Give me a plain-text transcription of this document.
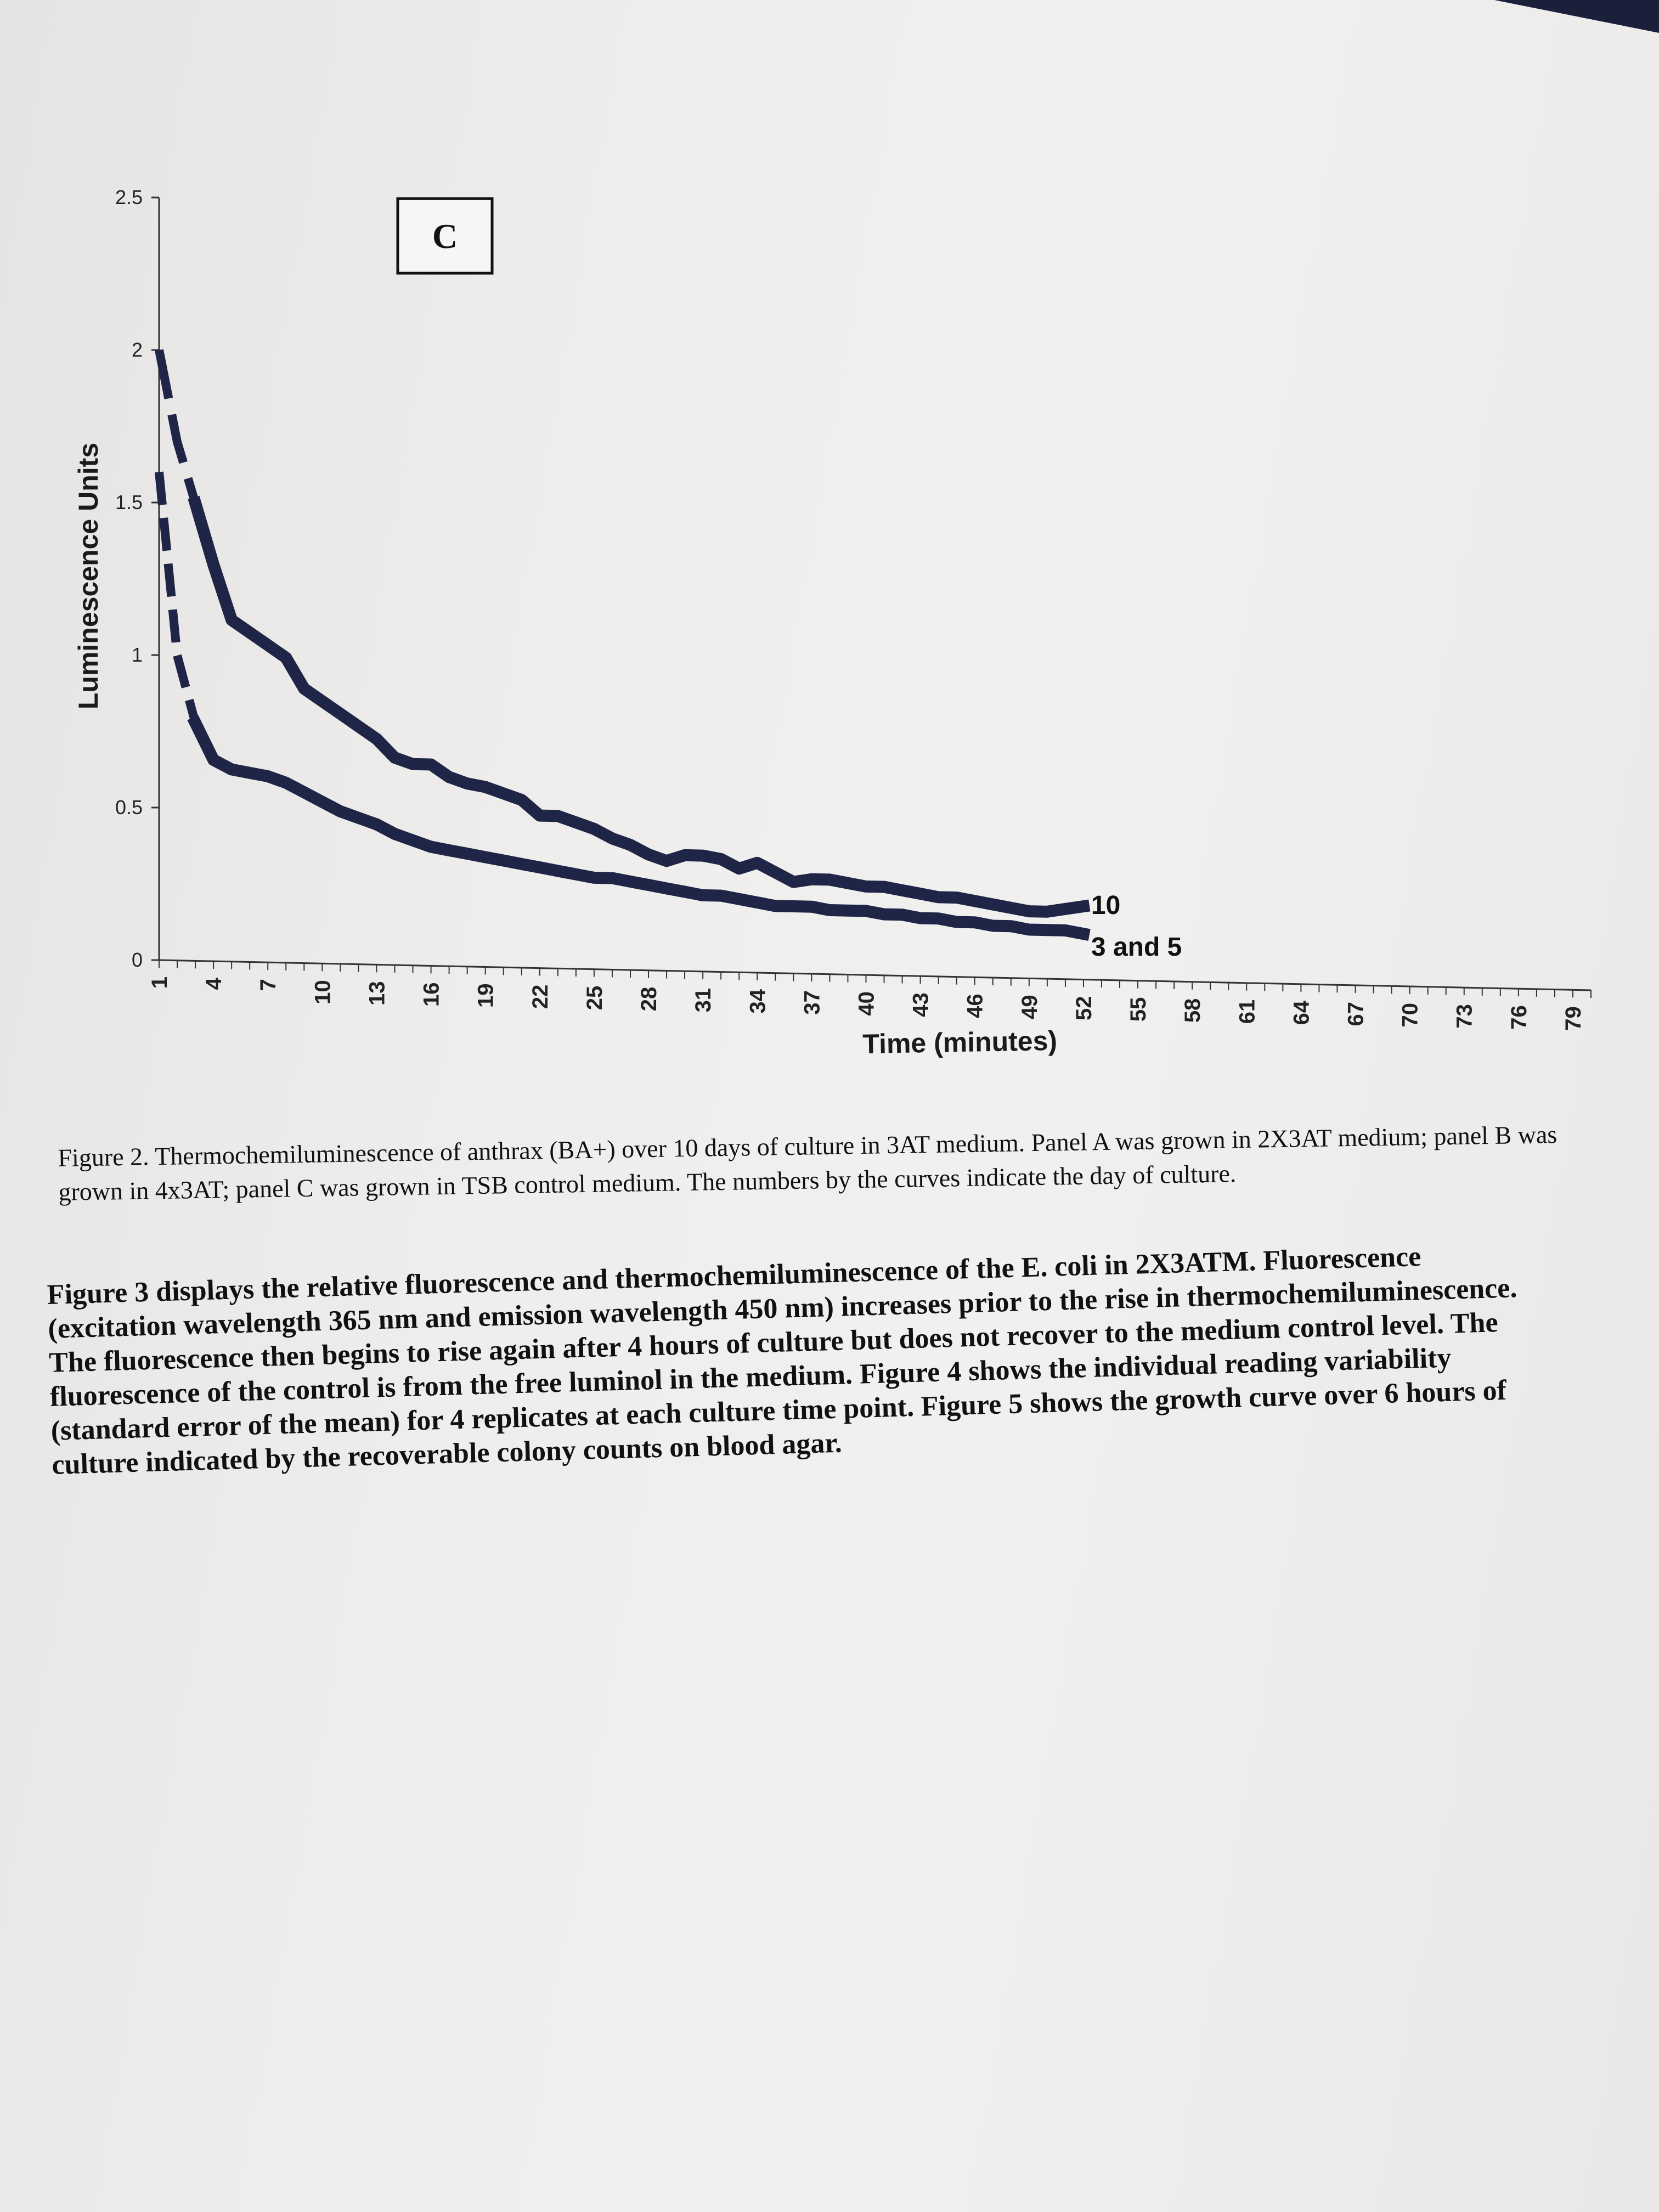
0
0.5
1
1.5
2
2.5
1 4 7 10 13 16 19 22 25 28 31 34 37 40 43 46 49 52 55 58 61 64 67 70 73 76 79
10
3 and 5
C
Luminescence Units
Time (minutes)

Figure 2. Thermochemiluminescence of anthrax (BA+) over 10 days of culture in 3AT medium. Panel A was grown in 2X3AT medium; panel B was grown in 4x3AT; panel C was grown in TSB control medium. The numbers by the curves indicate the day of culture.

Figure 3 displays the relative fluorescence and thermochemiluminescence of the E. coli in 2X3ATM. Fluorescence (excitation wavelength 365 nm and emission wavelength 450 nm) increases prior to the rise in thermochemiluminescence. The fluorescence then begins to rise again after 4 hours of culture but does not recover to the medium control level. The fluorescence of the control is from the free luminol in the medium. Figure 4 shows the individual reading variability (standard error of the mean) for 4 replicates at each culture time point. Figure 5 shows the growth curve over 6 hours of culture indicated by the recoverable colony counts on blood agar.
